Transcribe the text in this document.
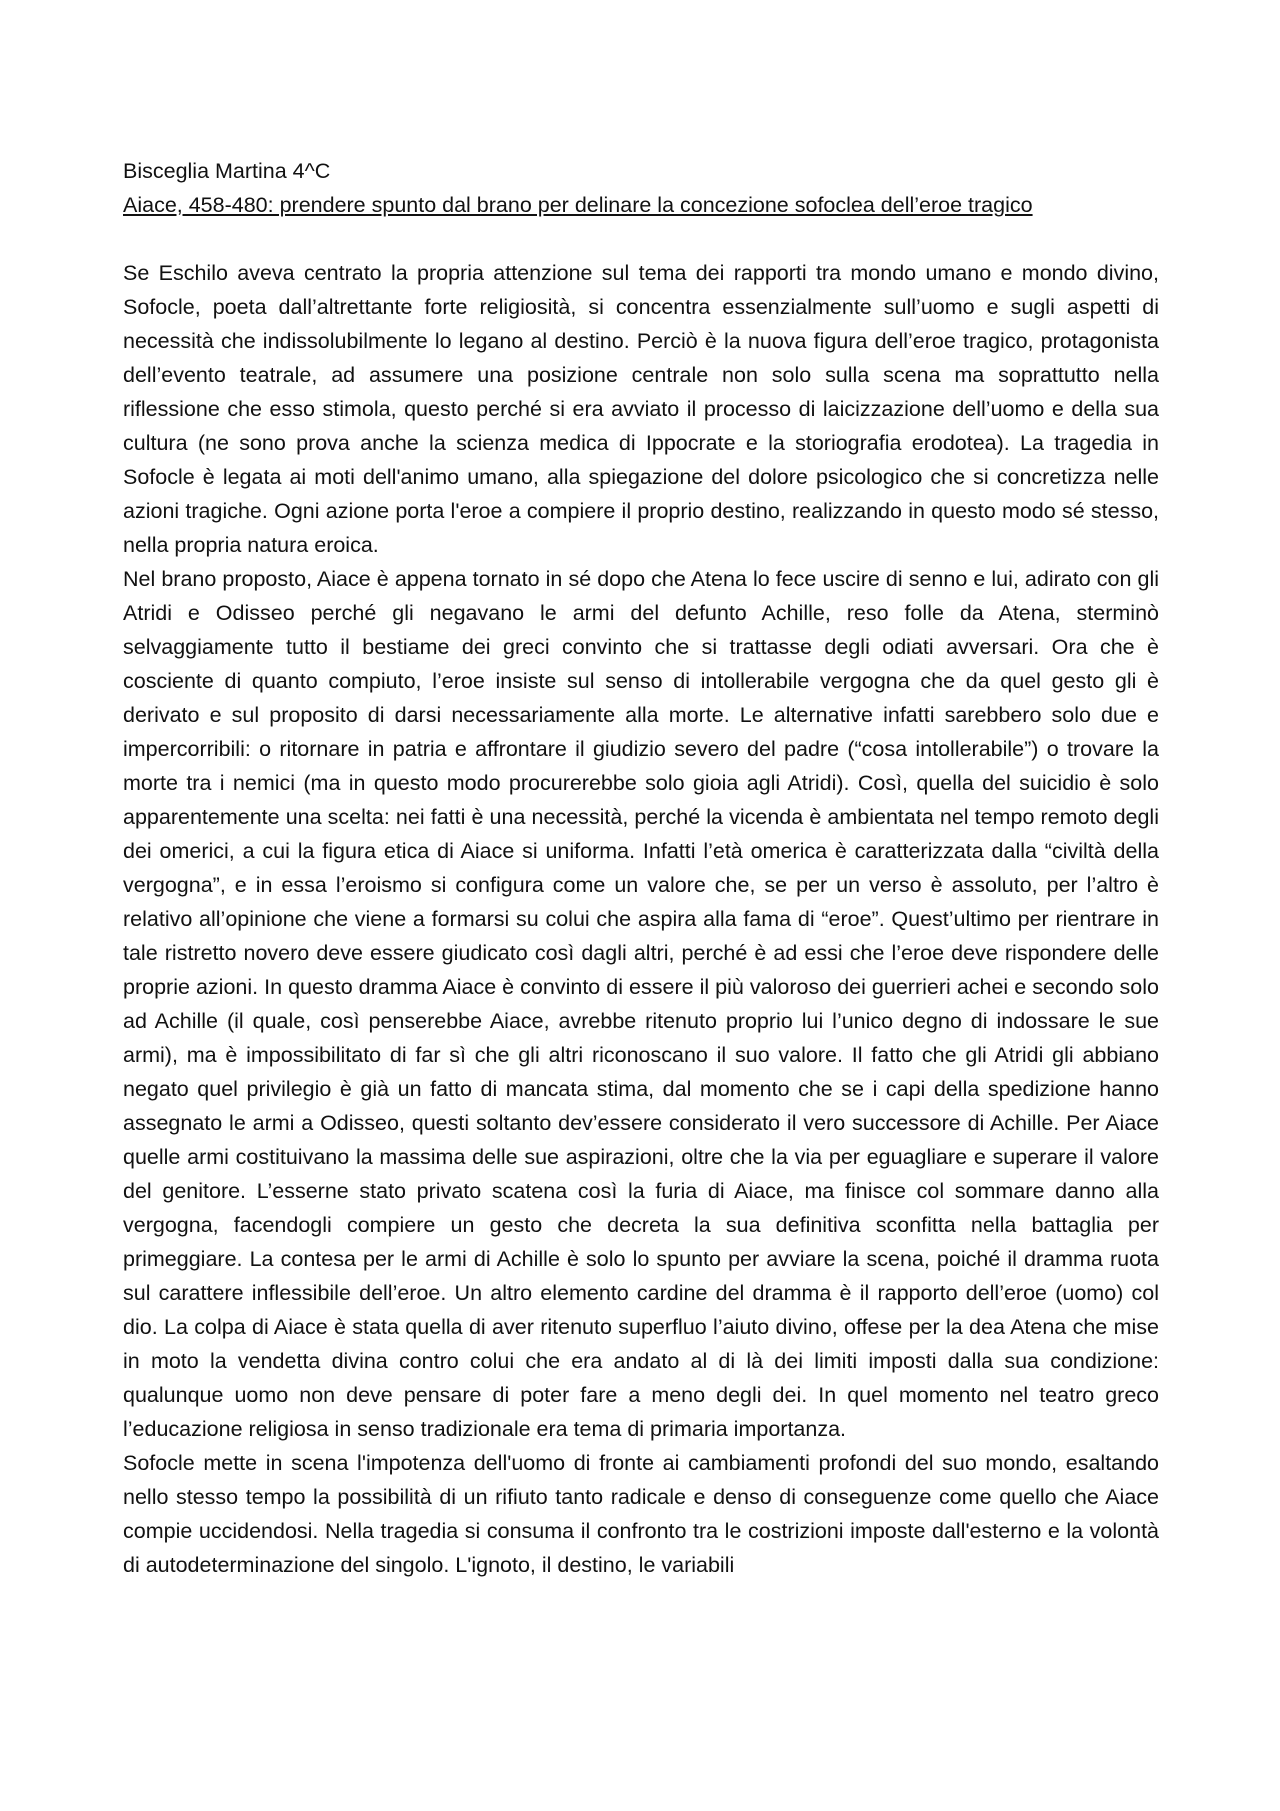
Bisceglia Martina 4^C

Aiace, 458-480: prendere spunto dal brano per delinare la concezione sofoclea dell’eroe tragico

Se Eschilo aveva centrato la propria attenzione sul tema dei rapporti tra mondo umano e mondo divino, Sofocle, poeta dall’altrettante forte religiosità, si concentra essenzialmente sull’uomo e sugli aspetti di necessità che indissolubilmente lo legano al destino. Perciò è la nuova figura dell’eroe tragico, protagonista dell’evento teatrale, ad assumere una posizione centrale non solo sulla scena ma soprattutto nella riflessione che esso stimola, questo perché si era avviato il processo di laicizzazione dell’uomo e della sua cultura (ne sono prova anche la scienza medica di Ippocrate e la storiografia erodotea). La tragedia in Sofocle è legata ai moti dell'animo umano, alla spiegazione del dolore psicologico che si concretizza nelle azioni tragiche. Ogni azione porta l'eroe a compiere il proprio destino, realizzando in questo modo sé stesso, nella propria natura eroica.

Nel brano proposto, Aiace è appena tornato in sé dopo che Atena lo fece uscire di senno e lui, adirato con gli Atridi e Odisseo perché gli negavano le armi del defunto Achille, reso folle da Atena, sterminò selvaggiamente tutto il bestiame dei greci convinto che si trattasse degli odiati avversari. Ora che è cosciente di quanto compiuto, l’eroe insiste sul senso di intollerabile vergogna che da quel gesto gli è derivato e sul proposito di darsi necessariamente alla morte. Le alternative infatti sarebbero solo due e impercorribili: o ritornare in patria e affrontare il giudizio severo del padre (“cosa intollerabile”) o trovare la morte tra i nemici (ma in questo modo procurerebbe solo gioia agli Atridi). Così, quella del suicidio è solo apparentemente una scelta: nei fatti è una necessità, perché la vicenda è ambientata nel tempo remoto degli dei omerici, a cui la figura etica di Aiace si uniforma. Infatti l’età omerica è caratterizzata dalla “civiltà della vergogna”, e in essa l’eroismo si configura come un valore che, se per un verso è assoluto, per l’altro è relativo all’opinione che viene a formarsi su colui che aspira alla fama di “eroe”. Quest’ultimo per rientrare in tale ristretto novero deve essere giudicato così dagli altri, perché è ad essi che l’eroe deve rispondere delle proprie azioni. In questo dramma Aiace è convinto di essere il più valoroso dei guerrieri achei e secondo solo ad Achille (il quale, così penserebbe Aiace, avrebbe ritenuto proprio lui l’unico degno di indossare le sue armi), ma è impossibilitato di far sì che gli altri riconoscano il suo valore. Il fatto che gli Atridi gli abbiano negato quel privilegio è già un fatto di mancata stima, dal momento che se i capi della spedizione hanno assegnato le armi a Odisseo, questi soltanto dev’essere considerato il vero successore di Achille. Per Aiace quelle armi costituivano la massima delle sue aspirazioni, oltre che la via per eguagliare e superare il valore del genitore. L’esserne stato privato scatena così la furia di Aiace, ma finisce col sommare danno alla vergogna, facendogli compiere un gesto che decreta la sua definitiva sconfitta nella battaglia per primeggiare. La contesa per le armi di Achille è solo lo spunto per avviare la scena, poiché il dramma ruota sul carattere inflessibile dell’eroe. Un altro elemento cardine del dramma è il rapporto dell’eroe (uomo) col dio. La colpa di Aiace è stata quella di aver ritenuto superfluo l’aiuto divino, offese per la dea Atena che mise in moto la vendetta divina contro colui che era andato al di là dei limiti imposti dalla sua condizione: qualunque uomo non deve pensare di poter fare a meno degli dei. In quel momento nel teatro greco l’educazione religiosa in senso tradizionale era tema di primaria importanza.

Sofocle mette in scena l'impotenza dell'uomo di fronte ai cambiamenti profondi del suo mondo, esaltando nello stesso tempo la possibilità di un rifiuto tanto radicale e denso di conseguenze come quello che Aiace compie uccidendosi. Nella tragedia si consuma il confronto tra le costrizioni imposte dall'esterno e la volontà di autodeterminazione del singolo. L'ignoto, il destino, le variabili
